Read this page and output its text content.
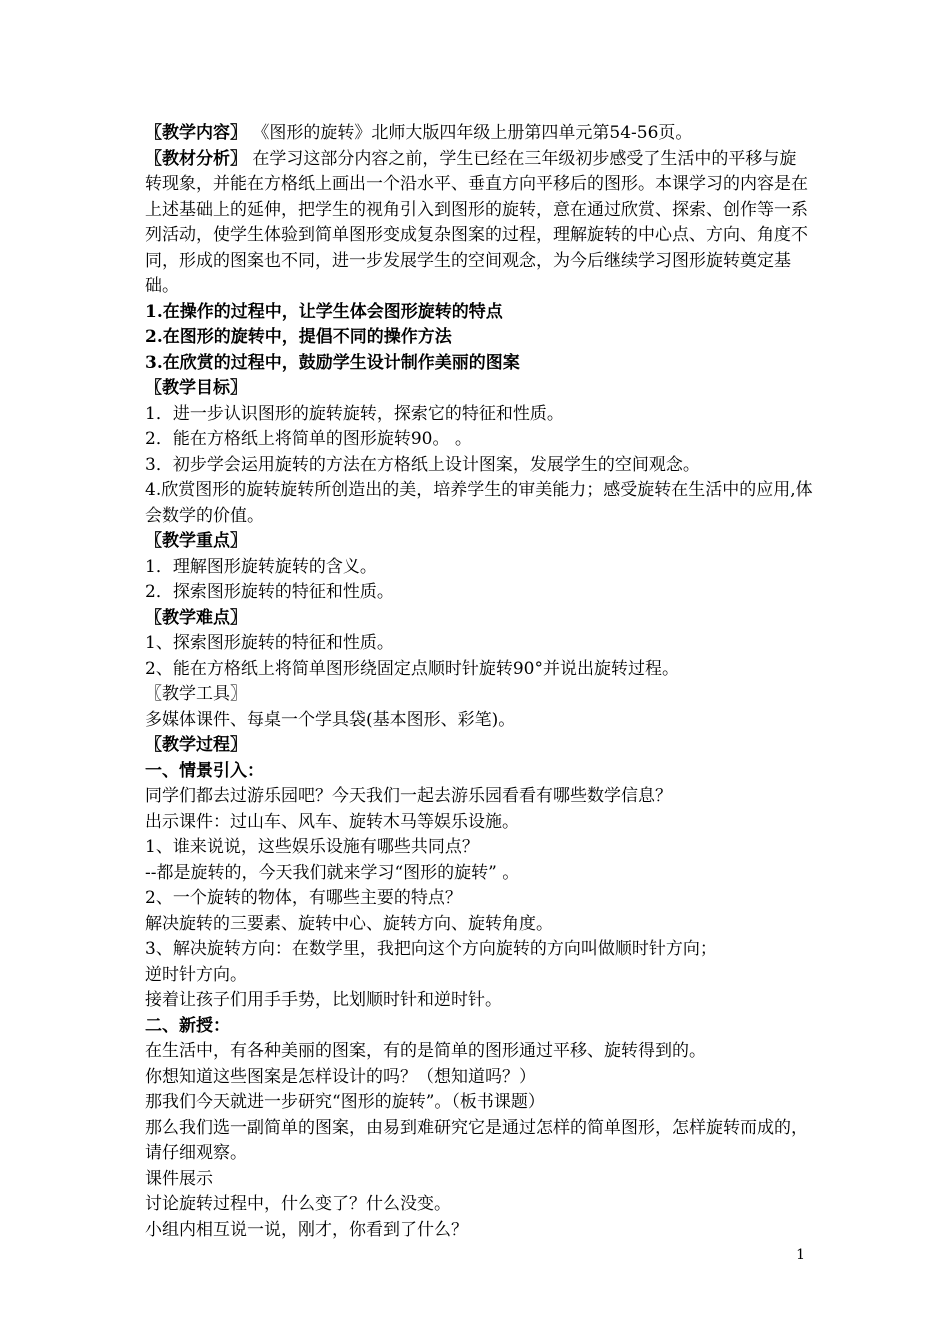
〖教学内容〗 《图形的旋转》北师大版四年级上册第四单元第54-56页。

〖教材分析〗 在学习这部分内容之前，学生已经在三年级初步感受了生活中的平移与旋转现象，并能在方格纸上画出一个沿水平、垂直方向平移后的图形。本课学习的内容是在上述基础上的延伸，把学生的视角引入到图形的旋转，意在通过欣赏、探索、创作等一系列活动，使学生体验到简单图形变成复杂图案的过程，理解旋转的中心点、方向、角度不同，形成的图案也不同，进一步发展学生的空间观念，为今后继续学习图形旋转奠定基础。

1.在操作的过程中，让学生体会图形旋转的特点

2.在图形的旋转中，提倡不同的操作方法

3.在欣赏的过程中，鼓励学生设计制作美丽的图案

〖教学目标〗

1．进一步认识图形的旋转旋转，探索它的特征和性质。

2．能在方格纸上将简单的图形旋转90。 。

3．初步学会运用旋转的方法在方格纸上设计图案，发展学生的空间观念。

4.欣赏图形的旋转旋转所创造出的美，培养学生的审美能力；感受旋转在生活中的应用,体会数学的价值。

〖教学重点〗

1．理解图形旋转旋转的含义。

2．探索图形旋转的特征和性质。

〖教学难点〗

1、探索图形旋转的特征和性质。

2、能在方格纸上将简单图形绕固定点顺时针旋转90°并说出旋转过程。

〖教学工具〗

多媒体课件、每桌一个学具袋(基本图形、彩笔)。

〖教学过程〗

一、情景引入：

同学们都去过游乐园吧？今天我们一起去游乐园看看有哪些数学信息？

出示课件：过山车、风车、旋转木马等娱乐设施。

1、谁来说说，这些娱乐设施有哪些共同点？

--都是旋转的，今天我们就来学习“图形的旋转” 。

2、一个旋转的物体，有哪些主要的特点？

解决旋转的三要素、旋转中心、旋转方向、旋转角度。

3、解决旋转方向：在数学里，我把向这个方向旋转的方向叫做顺时针方向；

逆时针方向。

接着让孩子们用手手势，比划顺时针和逆时针。

二、新授：

在生活中，有各种美丽的图案，有的是简单的图形通过平移、旋转得到的。

你想知道这些图案是怎样设计的吗？（想知道吗？）

那我们今天就进一步研究“图形的旋转”。（板书课题）

那么我们选一副简单的图案，由易到难研究它是通过怎样的简单图形，怎样旋转而成的，请仔细观察。

课件展示

讨论旋转过程中，什么变了？什么没变。

小组内相互说一说，刚才，你看到了什么？

1
